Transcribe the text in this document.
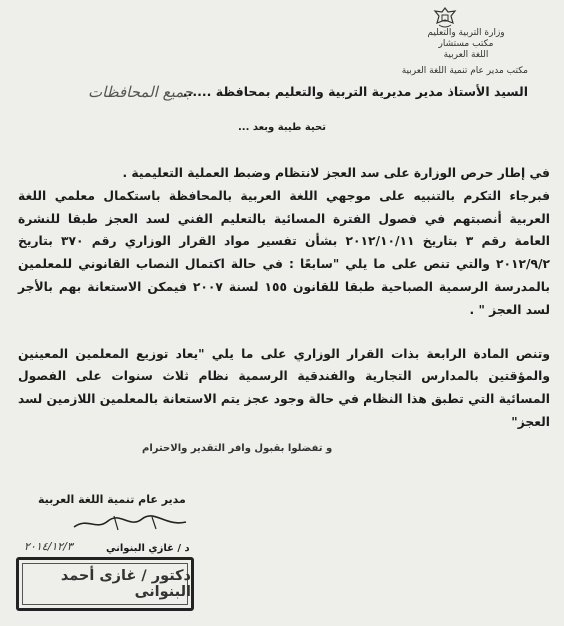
وزارة التربية والتعليم
مكتب مستشار
اللغة العربية
مكتب مدير عام تنمية اللغة العربية
جميع المحافظات
السيد الأستاذ مدير مديرية التربية والتعليم بمحافظة ......
تحية طيبة وبعد ...

في إطار حرص الوزارة على سد العجز لانتظام وضبط العملية التعليمية .

فبرجاء التكرم بالتنبيه على موجهي اللغة العربية بالمحافظة باستكمال معلمي اللغة العربية أنصبتهم في فصول الفترة المسائية بالتعليم الفني لسد العجز طبقا للنشرة العامة رقم ٣ بتاريخ ٢٠١٢/١٠/١١ بشأن تفسير مواد القرار الوزاري رقم ٣٧٠ بتاريخ ٢٠١٢/٩/٢ والتي تنص على ما يلي "سابعًا : في حالة اكتمال النصاب القانوني للمعلمين بالمدرسة الرسمية الصباحية طبقا للقانون ١٥٥ لسنة ٢٠٠٧ فيمكن الاستعانة بهم بالأجر لسد العجز " .

وتنص المادة الرابعة بذات القرار الوزاري على ما يلي "يعاد توزيع المعلمين المعينين والمؤقتين بالمدارس التجارية والفندقية الرسمية نظام ثلاث سنوات على الفصول المسائية التي تطبق هذا النظام في حالة وجود عجز يتم الاستعانة بالمعلمين اللازمين لسد العجز"

و تفضلوا بقبول وافر التقدير والاحترام
مدير عام تنمية اللغة العربية
٢٠١٤/١٢/٣	د / غازي البنواني
دكتور / غازى أحمد البنوانى
